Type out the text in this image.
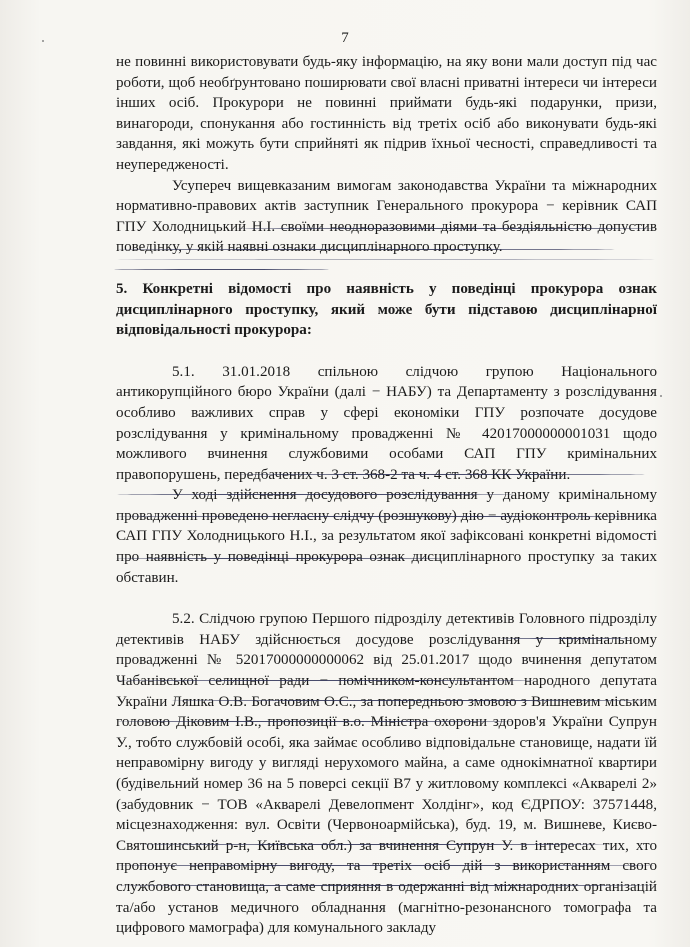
7

не повинні використовувати будь-яку інформацію, на яку вони мали доступ під час роботи, щоб необґрунтовано поширювати свої власні приватні інтереси чи інтереси інших осіб. Прокурори не повинні приймати будь-які подарунки, призи, винагороди, спонукання або гостинність від третіх осіб або виконувати будь-які завдання, які можуть бути сприйняті як підрив їхньої чесності, справедливості та неупередженості.

Усупереч вищевказаним вимогам законодавства України та міжнародних нормативно-правових актів заступник Генерального прокурора − керівник САП ГПУ Холодницький Н.І. своїми неодноразовими діями та бездіяльністю допустив поведінку, у якій наявні ознаки дисциплінарного проступку.

5. Конкретні відомості про наявність у поведінці прокурора ознак дисциплінарного проступку, який може бути підставою дисциплінарної відповідальності прокурора:

5.1. 31.01.2018 спільною слідчою групою Національного антикорупційного бюро України (далі − НАБУ) та Департаменту з розслідування особливо важливих справ у сфері економіки ГПУ розпочате досудове розслідування у кримінальному провадженні № 42017000000001031 щодо можливого вчинення службовими особами САП ГПУ кримінальних правопорушень, передбачених ч. 3 ст. 368-2 та ч. 4 ст. 368 КК України.

У ході здійснення досудового розслідування у даному кримінальному провадженні проведено негласну слідчу (розшукову) дію − аудіоконтроль керівника САП ГПУ Холодницького Н.І., за результатом якої зафіксовані конкретні відомості про наявність у поведінці прокурора ознак дисциплінарного проступку за таких обставин.

5.2. Слідчою групою Першого підрозділу детективів Головного підрозділу детективів НАБУ здійснюється досудове розслідування у кримінальному провадженні № 52017000000000062 від 25.01.2017 щодо вчинення депутатом Чабанівської селищної ради − помічником-консультантом народного депутата України Ляшка О.В. Богачовим О.С., за попередньою змовою з Вишневим міським головою Діковим І.В., пропозиції в.о. Міністра охорони здоров'я України Супрун У., тобто службовій особі, яка займає особливо відповідальне становище, надати їй неправомірну вигоду у вигляді нерухомого майна, а саме однокімнатної квартири (будівельний номер 36 на 5 поверсі секції В7 у житловому комплексі «Акварелі 2» (забудовник − ТОВ «Акварелі Девелопмент Холдінг», код ЄДРПОУ: 37571448, місцезнаходження: вул. Освіти (Червоноармійська), буд. 19, м. Вишневе, Києво-Святошинський р-н, Київська обл.) за вчинення Супрун У. в інтересах тих, хто пропонує неправомірну вигоду, та третіх осіб дій з використанням свого службового становища, а саме сприяння в одержанні від міжнародних організацій та/або установ медичного обладнання (магнітно-резонансного томографа та цифрового мамографа) для комунального закладу
